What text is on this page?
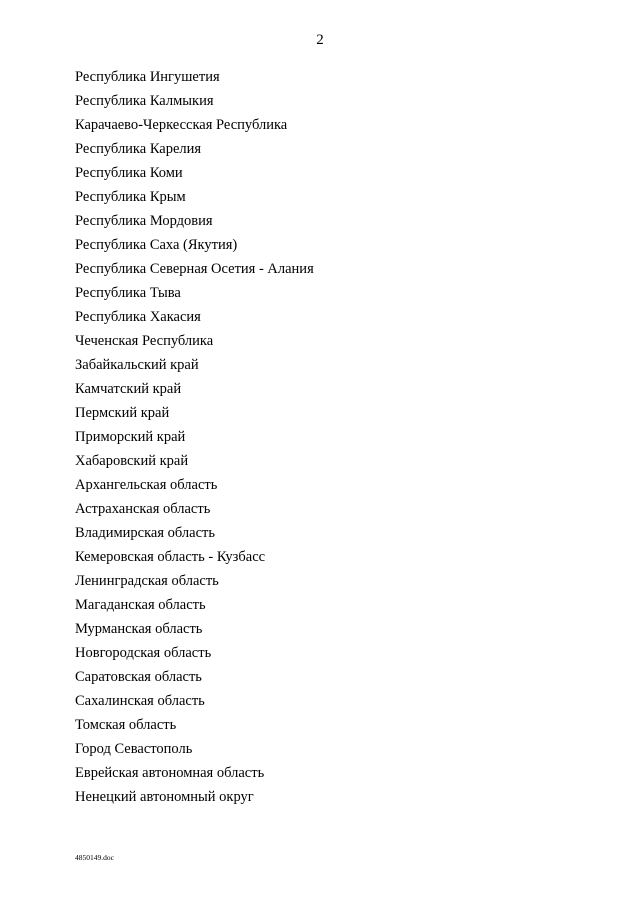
2
Республика Ингушетия
Республика Калмыкия
Карачаево-Черкесская Республика
Республика Карелия
Республика Коми
Республика Крым
Республика Мордовия
Республика Саха (Якутия)
Республика Северная Осетия - Алания
Республика Тыва
Республика Хакасия
Чеченская Республика
Забайкальский край
Камчатский край
Пермский край
Приморский край
Хабаровский край
Архангельская область
Астраханская область
Владимирская область
Кемеровская область - Кузбасс
Ленинградская область
Магаданская область
Мурманская область
Новгородская область
Саратовская область
Сахалинская область
Томская область
Город Севастополь
Еврейская автономная область
Ненецкий автономный округ
4850149.doc
